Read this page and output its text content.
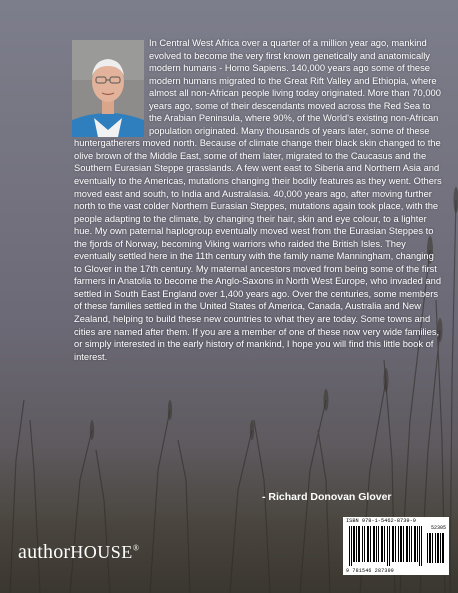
In Central West Africa over a quarter of a million year ago, mankind evolved to become the very first known genetically and anatomically modern humans - Homo Sapiens. 140,000 years ago some of these modern humans migrated to the Great Rift Valley and Ethiopia, where almost all non-African people living today originated. More than 70,000 years ago, some of their descendants moved across the Red Sea to the Arabian Peninsula, where 90%, of the World's existing non-African population originated. Many thousands of years later, some of these huntergatherers moved north. Because of climate change their black skin changed to the olive brown of the Middle East, some of them later, migrated to the Caucasus and the Southern Eurasian Steppe grasslands. A few went east to Siberia and Northern Asia and eventually to the Americas, mutations changing their bodily features as they went. Others moved east and south, to India and Australasia. 40,000 years ago, after moving further north to the vast colder Northern Eurasian Steppes, mutations again took place, with the people adapting to the climate, by changing their hair, skin and eye colour, to a lighter hue. My own paternal haplogroup eventually moved west from the Eurasian Steppes to the fjords of Norway, becoming Viking warriors who raided the British Isles. They eventually settled here in the 11th century with the family name Manningham, changing to Glover in the 17th century. My maternal ancestors moved from being some of the first farmers in Anatolia to become the Anglo-Saxons in North West Europe, who invaded and settled in South East England over 1,400 years ago. Over the centuries, some members of these families settled in the United States of America, Canada, Australia and New Zealand, helping to build these new countries to what they are today. Some towns and cities are named after them. If you are a member of one of these now very wide families, or simply interested in the early history of mankind, I hope you will find this little book of interest.

- Richard Donovan Glover
authorHOUSE®
ISBN 978-1-5462-8739-9
52305
9 781546 287399
